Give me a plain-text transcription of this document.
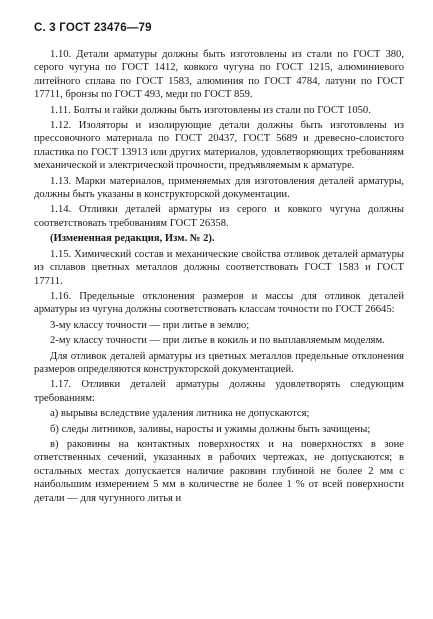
С. 3 ГОСТ 23476—79

1.10. Детали арматуры должны быть изготовлены из стали по ГОСТ 380, серого чугуна по ГОСТ 1412, ковкого чугуна по ГОСТ 1215, алюминиевого литейного сплава по ГОСТ 1583, алюминия по ГОСТ 4784, латуни по ГОСТ 17711, бронзы по ГОСТ 493, меди по ГОСТ 859.

1.11. Болты и гайки должны быть изготовлены из стали по ГОСТ 1050.

1.12. Изоляторы и изолирующие детали должны быть изготовлены из прессовочного материала по ГОСТ 20437, ГОСТ 5689 и древесно-слоистого пластика по ГОСТ 13913 или других материалов, удовлетворяющих требованиям механической и электрической прочности, предъявляемым к арматуре.

1.13. Марки материалов, применяемых для изготовления деталей арматуры, должны быть указаны в конструкторской документации.

1.14. Отливки деталей арматуры из серого и ковкого чугуна должны соответствовать требованиям ГОСТ 26358.

(Измененная редакция, Изм. № 2).

1.15. Химический состав и механические свойства отливок деталей арматуры из сплавов цветных металлов должны соответствовать ГОСТ 1583 и ГОСТ 17711.

1.16. Предельные отклонения размеров и массы для отливок деталей арматуры из чугуна должны соответствовать классам точности по ГОСТ 26645:

3-му классу точности — при литье в землю;

2-му классу точности — при литье в кокиль и по выплавляемым моделям.

Для отливок деталей арматуры из цветных металлов предельные отклонения размеров определяются конструкторской документацией.

1.17. Отливки деталей арматуры должны удовлетворять следующим требованиям:

а) вырывы вследствие удаления литника не допускаются;

б) следы литников, заливы, наросты и ужимы должны быть зачищены;

в) раковины на контактных поверхностях и на поверхностях в зоне ответственных сечений, указанных в рабочих чертежах, не допускаются; в остальных местах допускается наличие раковин глубиной не более 2 мм с наибольшим измерением 5 мм в количестве не более 1 % от всей поверхности детали — для чугунного литья и
